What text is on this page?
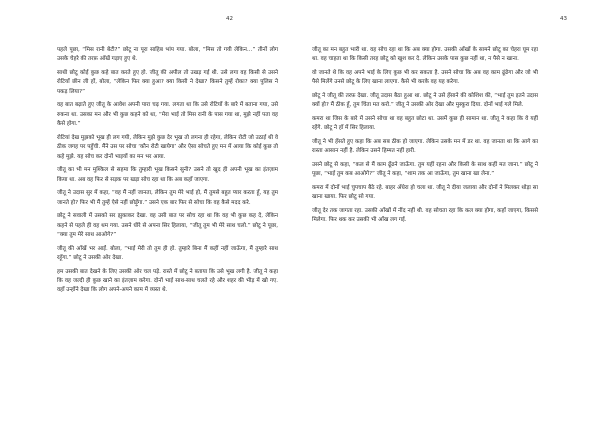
42

पहले पूछा, “मिस रानी बेटी?” छोटू ना पूरा साहिब भांप गया. बोला, “मिस तो गयी लेकिन…” तीनों लोग उसके चेहरे की तरफ़ आँखें गड़ाए हुए थे.

साथी छोटू कोई कुछ कहे बात करते हुए हो. जीतू की अपील तो उखड़ गई थी. उसे लगा वह किसी से उसने रोटियाँ छीन ली हों, बोला, “लेकिन फिर क्या हुआ? क्या किसी ने देखा? किसने तुम्हें रोका? क्या पुलिस ने पकड़ लिया?”

वह बात बढ़ाते हुए जीतू के आवेश अपनी पारा चढ़ गया. लगता था कि उसे रोटियों के बारे में बताना गया, उसे रुकना था. उसका मन और भी कुछ कहने को था, “मेरा भाई तो मिस रानी के पास गया था, मुझे नहीं पता वह कैसे होगा.”

रोटियां देख मुझको भूख ही लग गयी, लेकिन मुझे कुछ देर भूख तो लगना ही रहेगा, लेकिन रोटी जो उठाई थी वे ठीक जगह पर पहुँची. मैंने उस पर सोचा ‘कौन रोटी खायेगा’ और ऐसा सोचते हुए मन में आया कि कोई कुछ तो कहे मुझे. यह सोच कर दोनों भाइयों का मन भर आया.

जीतू का भी मन मुश्किल से सहमा कि तुम्हारी भूख किसने सुनी? उसने तो खुद ही अपनी भूख का इंतज़ाम किया था. अब वह फिर से सड़क पर खड़ा सोच रहा था कि अब कहाँ जाएगा.

जीतू ने उदास सुर में कहा, “वह मैं नहीं जानता, लेकिन तुम मेरे भाई हो, मैं तुमसे बहुत प्यार करता हूँ, यह तुम जानते हो? फिर भी मैं तुम्हें ऐसे नहीं छोड़ूँगा.” उसने एक बार फिर से सोचा कि वह कैसे मदद करे.

छोटू ने सवाली में उसको सर झुकाकर देखा. वह उसी बात पर सोच रहा था कि वह भी कुछ कह दे, लेकिन कहने से पहले ही वह थम गया. उसने धीरे से अपना सिर हिलाया, “जीतू तुम भी मेरे साथ चलो.” छोटू ने पूछा, “क्या तुम मेरे साथ आओगे?”

जीतू की आँखें भर आईं. बोला, “भाई मेरी तो तुम ही हो. तुम्हारे बिना मैं कहीं नहीं जाऊँगा, मैं तुम्हारे साथ रहूँगा.” छोटू ने उसकी ओर देखा.

हम उसकी बात देखने के लिए उसकी ओर चल पड़े. रास्ते में छोटू ने बताया कि उसे भूख लगी है. जीतू ने कहा कि वह जल्दी ही कुछ खाने का इंतज़ाम करेगा. दोनों भाई साथ-साथ चलते रहे और शहर की भीड़ में खो गए. वहाँ उन्होंने देखा कि लोग अपने-अपने काम में व्यस्त थे.

43

जीतू का मन बहुत भारी था. वह सोच रहा था कि अब क्या होगा. उसकी आँखों के सामने छोटू का चेहरा घूम रहा था. वह चाहता था कि किसी तरह छोटू को खुश कर दे. लेकिन उसके पास कुछ नहीं था, न पैसे न खाना.

वो जानते थे कि वह अपने भाई के लिए कुछ भी कर सकता है. उसने सोचा कि अब वह काम ढूंढेगा और जो भी पैसे मिलेंगे उनसे छोटू के लिए खाना लाएगा. कैसे भी करके वह यह करेगा.

छोटू ने जीतू की तरफ़ देखा. जीतू उदास बैठा हुआ था. छोटू ने उसे हँसाने की कोशिश की, “भाई तुम इतने उदास क्यों हो? मैं ठीक हूँ, तुम चिंता मत करो.” जीतू ने उसकी ओर देखा और मुस्कुरा दिया. दोनों भाई गले मिले.

कमरा था जिस के बारे में उसने सोचा था वह बहुत छोटा था. उसमें कुछ ही सामान था. जीतू ने कहा कि वे यहीं रहेंगे. छोटू ने हाँ में सिर हिलाया.

जीतू ने भी हँसते हुए कहा कि अब सब ठीक हो जाएगा. लेकिन उसके मन में डर था. वह जानता था कि आगे का रास्ता आसान नहीं है. लेकिन उसने हिम्मत नहीं हारी.

उसने छोटू से कहा, “कल से मैं काम ढूँढने जाऊँगा. तुम यहीं रहना और किसी के साथ कहीं मत जाना.” छोटू ने पूछा, “भाई तुम कब आओगे?” जीतू ने कहा, “शाम तक आ जाऊँगा, तुम खाना खा लेना.”

कमरा में दोनों भाई चुपचाप बैठे रहे. बाहर अँधेरा हो चला था. जीतू ने दीया जलाया और दोनों ने मिलकर थोड़ा सा खाना खाया. फिर छोटू सो गया.

जीतू देर तक जागता रहा. उसकी आँखों में नींद नहीं थी. वह सोचता रहा कि कल क्या होगा, कहाँ जाएगा, किससे मिलेगा. फिर थक कर उसकी भी आँख लग गई.
